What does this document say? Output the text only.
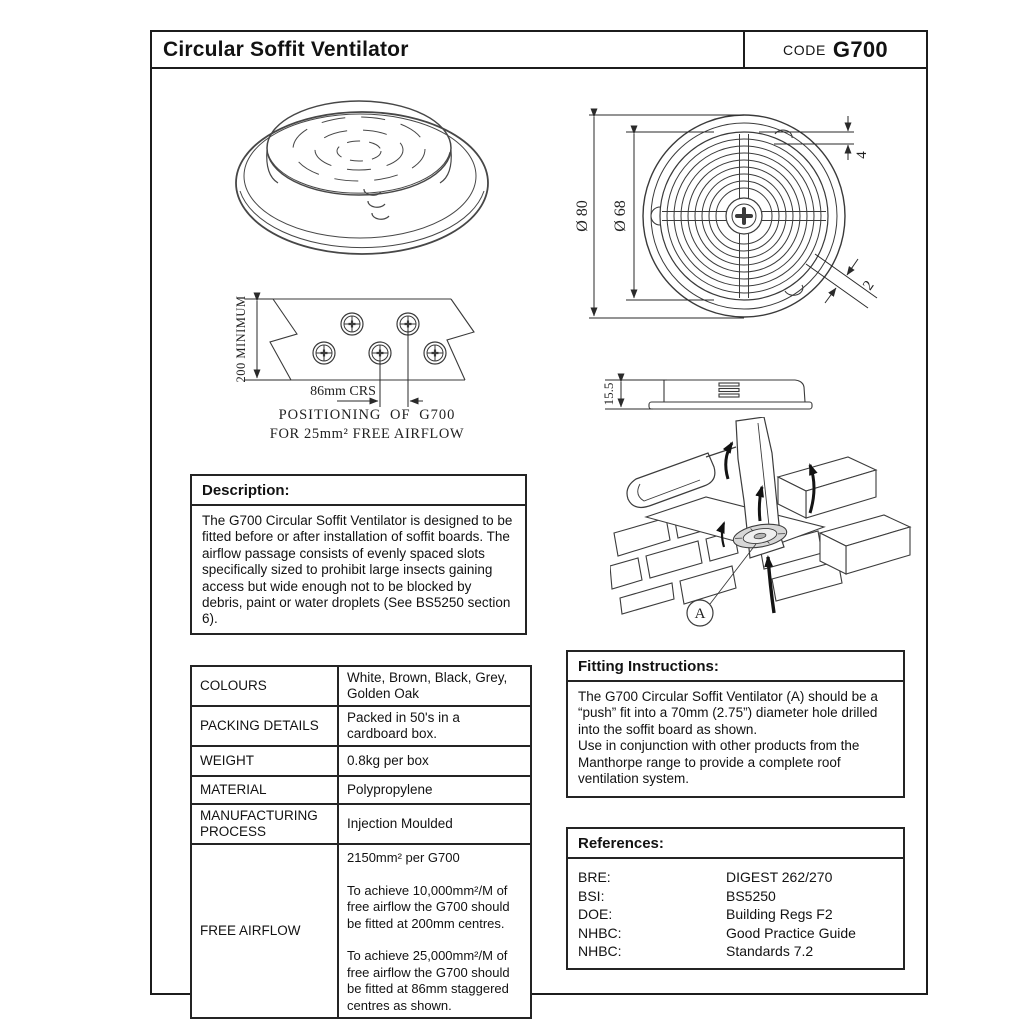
Circular Soffit Ventilator	CODE G700
Ø 80 Ø 68
4
2
15.5
200 MINIMUM
86mm CRS
POSITIONING OF G700
FOR 25mm² FREE AIRFLOW
A
Description:
The G700 Circular Soffit Ventilator is designed to be fitted before or after installation of soffit boards. The airflow passage consists of evenly spaced slots specifically sized to prohibit large insects gaining access but wide enough not to be blocked by debris, paint or water droplets (See BS5250 section 6).
COLOURS	White, Brown, Black, Grey, Golden Oak
PACKING DETAILS	Packed in 50's in a cardboard box.
WEIGHT	0.8kg per box
MATERIAL	Polypropylene
MANUFACTURING PROCESS	Injection Moulded
FREE AIRFLOW	2150mm² per G700
To achieve 10,000mm²/M of free airflow the G700 should be fitted at 200mm centres.
To achieve 25,000mm²/M of free airflow the G700 should be fitted at 86mm staggered centres as shown.
Fitting Instructions:

The G700 Circular Soffit Ventilator (A) should be a “push” fit into a 70mm (2.75”) diameter hole drilled into the soffit board as shown.

Use in conjunction with other products from the Manthorpe range to provide a complete roof ventilation system.

References:
BRE:	DIGEST 262/270
BSI:	BS5250
DOE:	Building Regs F2
NHBC:	Good Practice Guide
NHBC:	Standards 7.2
